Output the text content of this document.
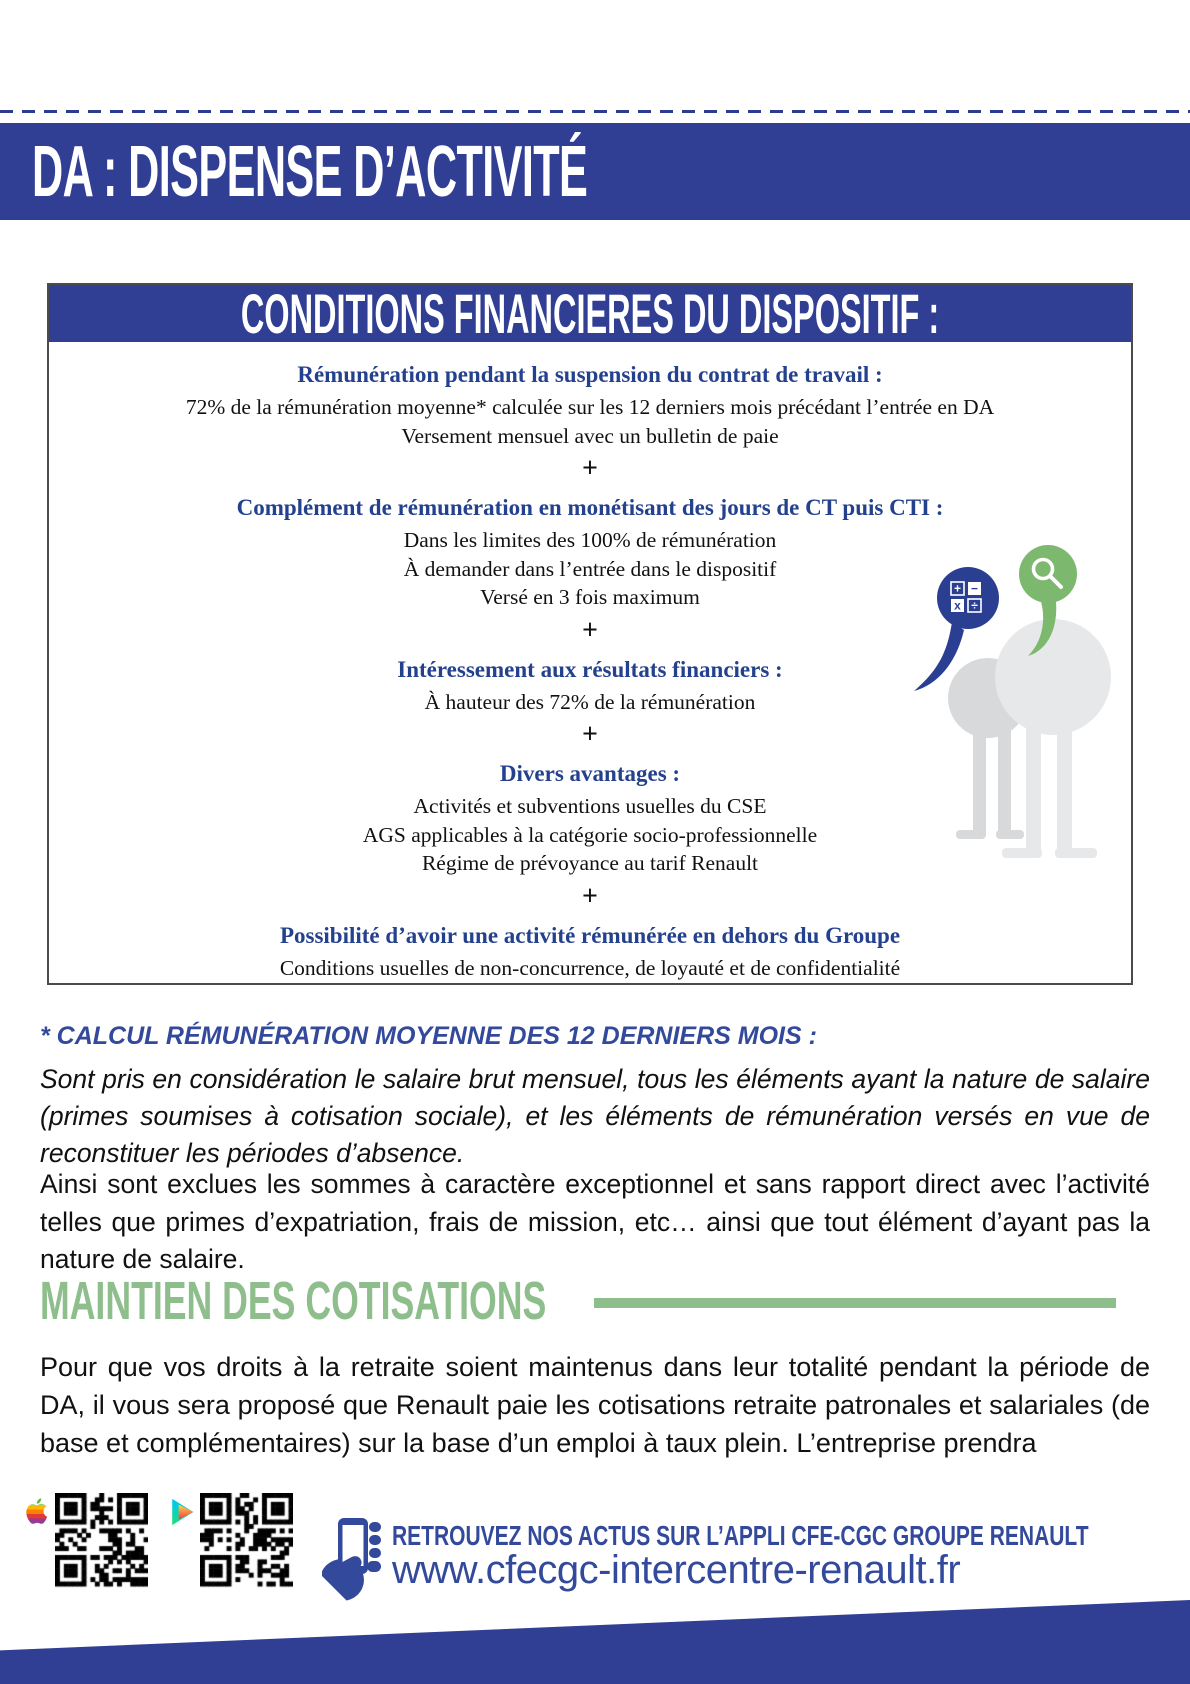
DA : DISPENSE D’ACTIVITÉ
CONDITIONS FINANCIERES DU DISPOSITIF :
Rémunération pendant la suspension du contrat de travail :

72% de la rémunération moyenne* calculée sur les 12 derniers mois précédant l’entrée en DA

Versement mensuel avec un bulletin de paie

+

Complément de rémunération en monétisant des jours de CT puis CTI :

Dans les limites des 100% de rémunération

À demander dans l’entrée dans le dispositif

Versé en 3 fois maximum

+

Intéressement aux résultats financiers :

À hauteur des 72% de la rémunération

+

Divers avantages :

Activités et subventions usuelles du CSE

AGS applicables à la catégorie socio-professionnelle

Régime de prévoyance au tarif Renault

+

Possibilité d’avoir une activité rémunérée en dehors du Groupe

Conditions usuelles de non-concurrence, de loyauté et de confidentialité

+ −
x ÷
* CALCUL RÉMUNÉRATION MOYENNE DES 12 DERNIERS MOIS :

Sont pris en considération le salaire brut mensuel, tous les éléments ayant la nature de salaire (primes soumises à cotisation sociale), et les éléments de rémunération versés en vue de reconstituer les périodes d’absence.

Ainsi sont exclues les sommes à caractère exceptionnel et sans rapport direct avec l’activité telles que primes d’expatriation, frais de mission, etc… ainsi que tout élément d’ayant pas la nature de salaire.

MAINTIEN DES COTISATIONS

Pour que vos droits à la retraite soient maintenus dans leur totalité pendant la période de DA, il vous sera proposé que Renault paie les cotisations retraite patronales et salariales (de base et complémentaires) sur la base d’un emploi à taux plein. L’entreprise prendra

RETROUVEZ NOS ACTUS SUR L’APPLI CFE-CGC GROUPE RENAULT

www.cfecgc-intercentre-renault.fr
